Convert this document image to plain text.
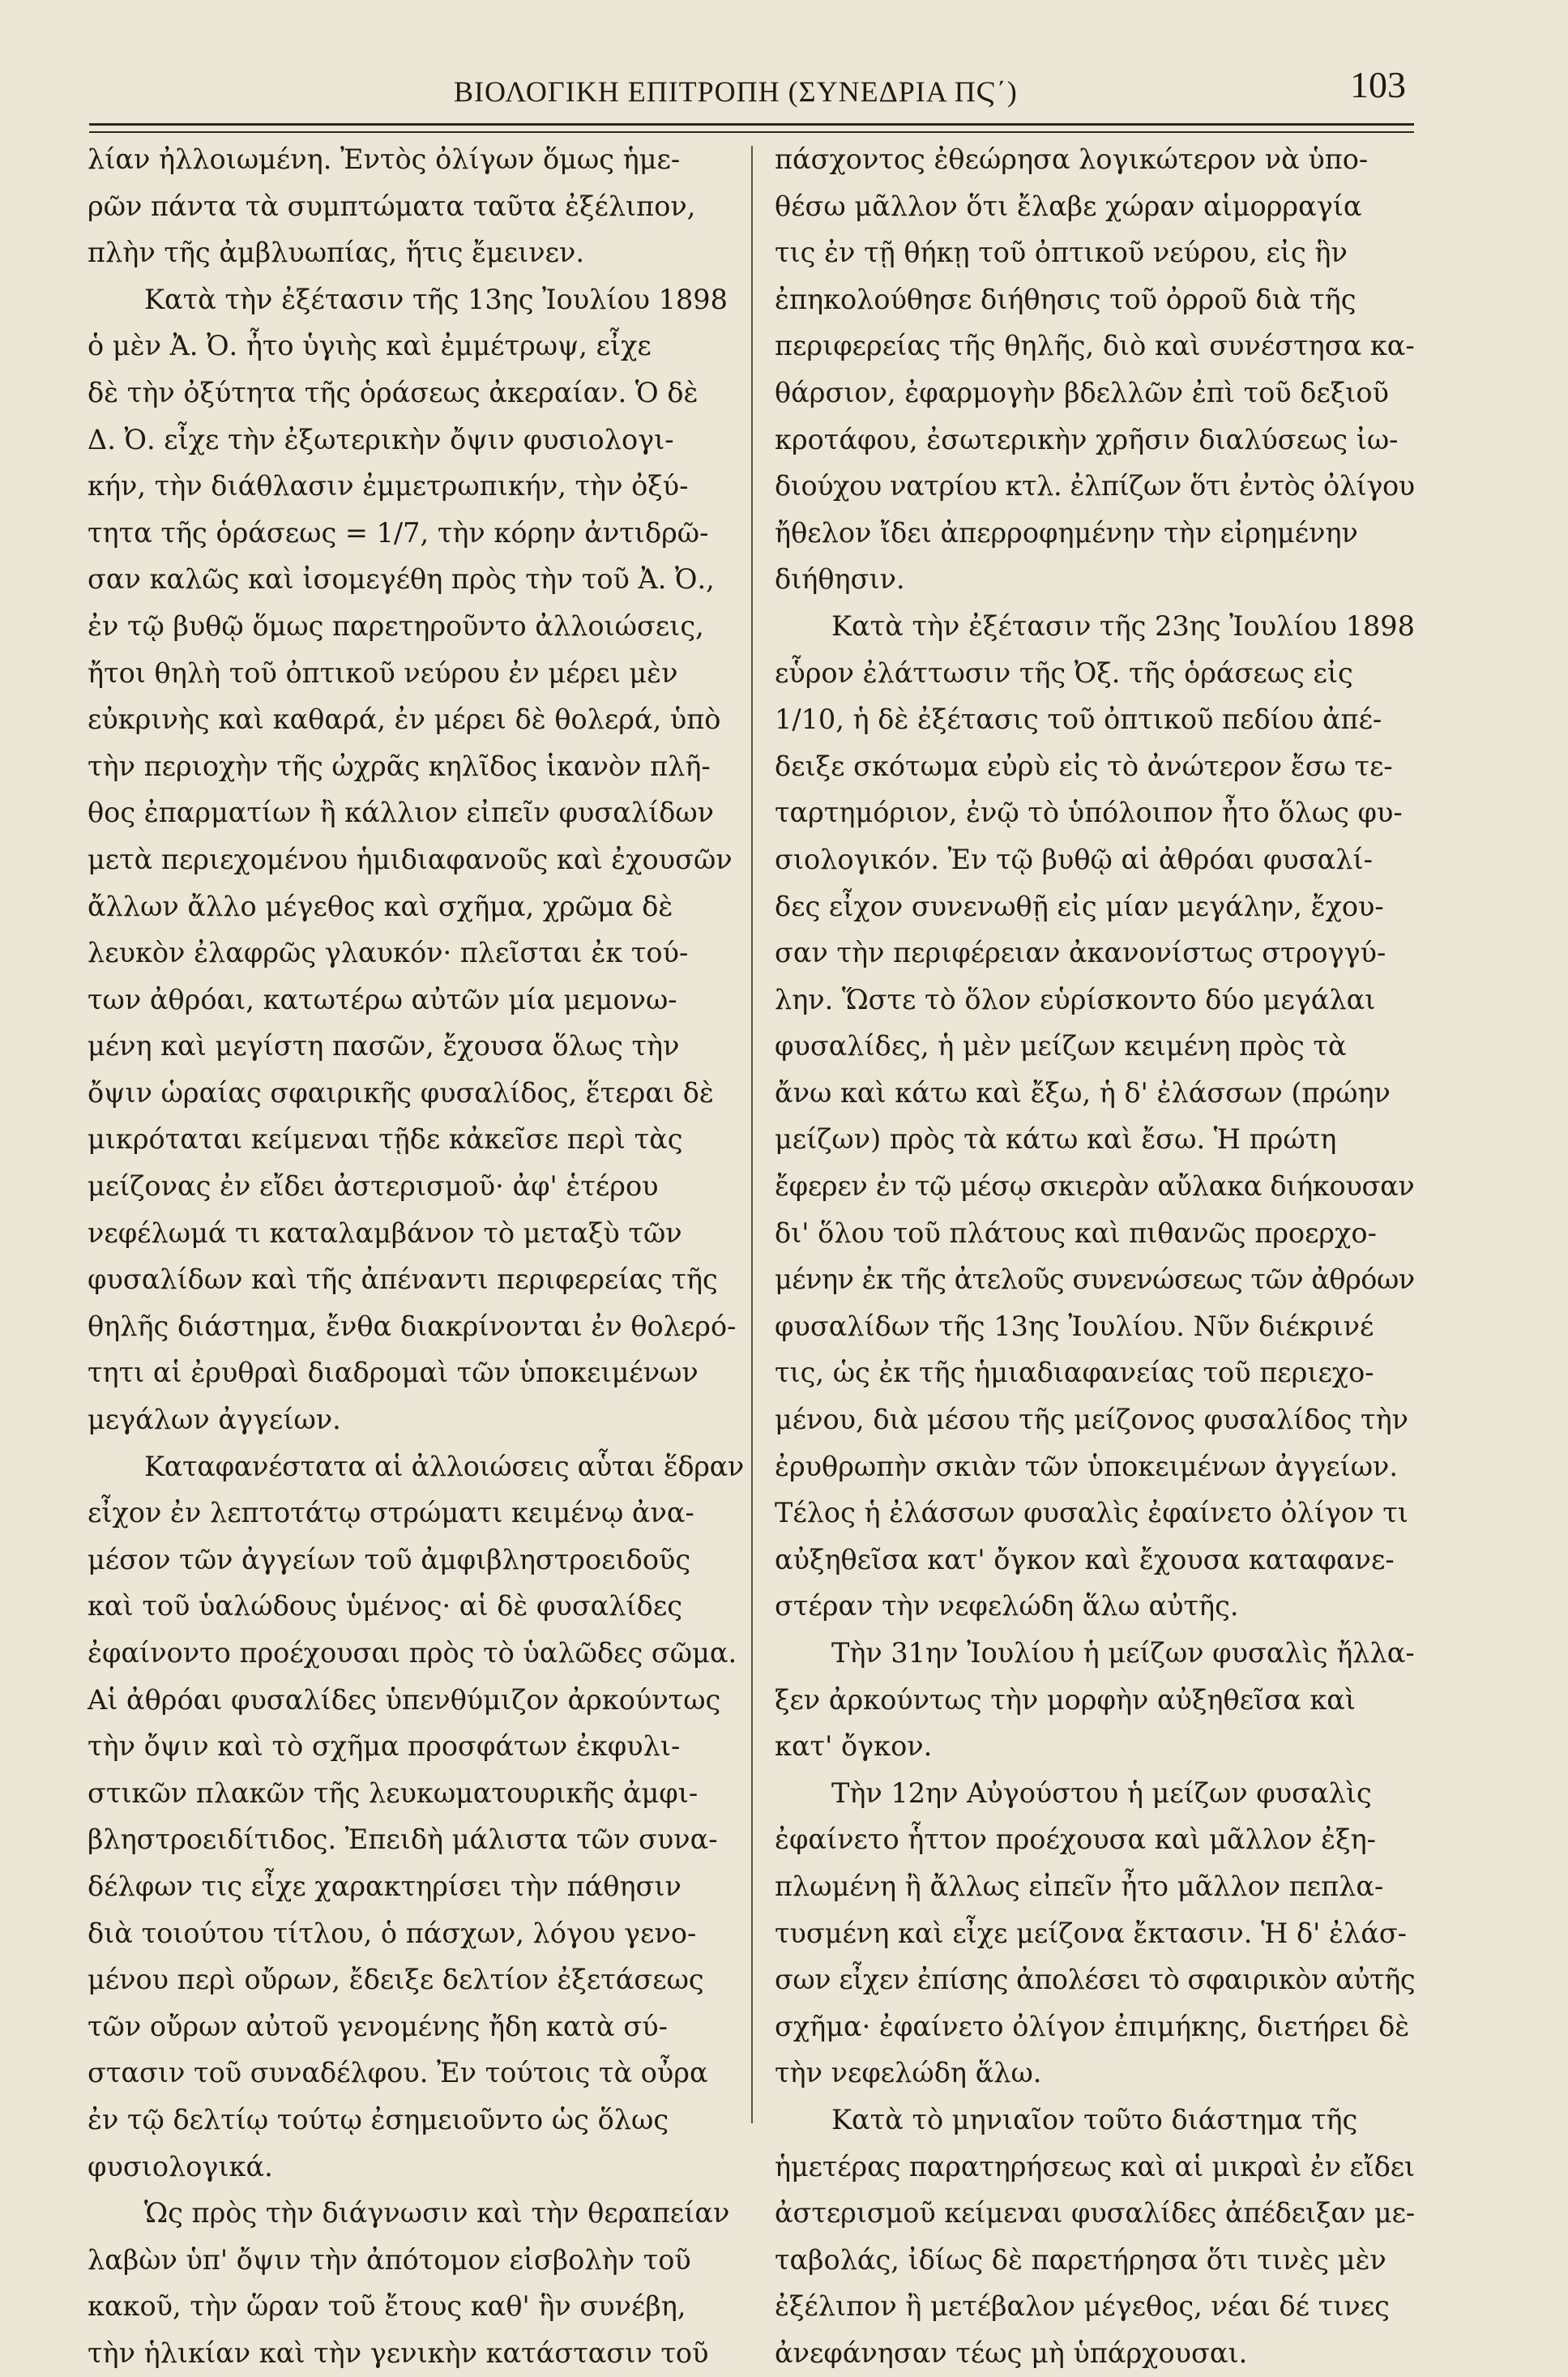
ΒΙΟΛΟΓΙΚΗ ΕΠΙΤΡΟΠΗ (ΣΥΝΕΔΡΙΑ ΠϚ΄)	103
λίαν ἠλλοιωμένη. Ἐντὸς ὀλίγων ὅμως ἡμε-
ρῶν πάντα τὰ συμπτώματα ταῦτα ἐξέλιπον,
πλὴν τῆς ἀμβλυωπίας, ἥτις ἔμεινεν.
Κατὰ τὴν ἐξέτασιν τῆς 13ης Ἰουλίου 1898
ὁ μὲν Ἀ. Ὀ. ἦτο ὑγιὴς καὶ ἐμμέτρωψ, εἶχε
δὲ τὴν ὀξύτητα τῆς ὁράσεως ἀκεραίαν. Ὁ δὲ
Δ. Ὀ. εἶχε τὴν ἐξωτερικὴν ὄψιν φυσιολογι-
κήν, τὴν διάθλασιν ἐμμετρωπικήν, τὴν ὀξύ-
τητα τῆς ὁράσεως = 1/7, τὴν κόρην ἀντιδρῶ-
σαν καλῶς καὶ ἰσομεγέθη πρὸς τὴν τοῦ Ἀ. Ὀ.,
ἐν τῷ βυθῷ ὅμως παρετηροῦντο ἀλλοιώσεις,
ἤτοι θηλὴ τοῦ ὀπτικοῦ νεύρου ἐν μέρει μὲν
εὐκρινὴς καὶ καθαρά, ἐν μέρει δὲ θολερά, ὑπὸ
τὴν περιοχὴν τῆς ὠχρᾶς κηλῖδος ἱκανὸν πλῆ-
θος ἐπαρματίων ἢ κάλλιον εἰπεῖν φυσαλίδων
μετὰ περιεχομένου ἡμιδιαφανοῦς καὶ ἐχουσῶν
ἄλλων ἄλλο μέγεθος καὶ σχῆμα, χρῶμα δὲ
λευκὸν ἐλαφρῶς γλαυκόν· πλεῖσται ἐκ τού-
των ἀθρόαι, κατωτέρω αὐτῶν μία μεμονω-
μένη καὶ μεγίστη πασῶν, ἔχουσα ὅλως τὴν
ὄψιν ὡραίας σφαιρικῆς φυσαλίδος, ἕτεραι δὲ
μικρόταται κείμεναι τῇδε κἀκεῖσε περὶ τὰς
μείζονας ἐν εἴδει ἀστερισμοῦ· ἀφ' ἑτέρου
νεφέλωμά τι καταλαμβάνον τὸ μεταξὺ τῶν
φυσαλίδων καὶ τῆς ἀπέναντι περιφερείας τῆς
θηλῆς διάστημα, ἔνθα διακρίνονται ἐν θολερό-
τητι αἱ ἐρυθραὶ διαδρομαὶ τῶν ὑποκειμένων
μεγάλων ἀγγείων.
Καταφανέστατα αἱ ἀλλοιώσεις αὗται ἕδραν
εἶχον ἐν λεπτοτάτῳ στρώματι κειμένῳ ἀνα-
μέσον τῶν ἀγγείων τοῦ ἀμφιβληστροειδοῦς
καὶ τοῦ ὑαλώδους ὑμένος· αἱ δὲ φυσαλίδες
ἐφαίνοντο προέχουσαι πρὸς τὸ ὑαλῶδες σῶμα.
Αἱ ἀθρόαι φυσαλίδες ὑπενθύμιζον ἀρκούντως
τὴν ὄψιν καὶ τὸ σχῆμα προσφάτων ἐκφυλι-
στικῶν πλακῶν τῆς λευκωματουρικῆς ἀμφι-
βληστροειδίτιδος. Ἐπειδὴ μάλιστα τῶν συνα-
δέλφων τις εἶχε χαρακτηρίσει τὴν πάθησιν
διὰ τοιούτου τίτλου, ὁ πάσχων, λόγου γενο-
μένου περὶ οὔρων, ἔδειξε δελτίον ἐξετάσεως
τῶν οὔρων αὐτοῦ γενομένης ἤδη κατὰ σύ-
στασιν τοῦ συναδέλφου. Ἐν τούτοις τὰ οὖρα
ἐν τῷ δελτίῳ τούτῳ ἐσημειοῦντο ὡς ὅλως
φυσιολογικά.
Ὡς πρὸς τὴν διάγνωσιν καὶ τὴν θεραπείαν
λαβὼν ὑπ' ὄψιν τὴν ἀπότομον εἰσβολὴν τοῦ
κακοῦ, τὴν ὥραν τοῦ ἔτους καθ' ἣν συνέβη,
τὴν ἡλικίαν καὶ τὴν γενικὴν κατάστασιν τοῦ
πάσχοντος ἐθεώρησα λογικώτερον νὰ ὑπο-
θέσω μᾶλλον ὅτι ἔλαβε χώραν αἱμορραγία
τις ἐν τῇ θήκῃ τοῦ ὀπτικοῦ νεύρου, εἰς ἣν
ἐπηκολούθησε διήθησις τοῦ ὀρροῦ διὰ τῆς
περιφερείας τῆς θηλῆς, διὸ καὶ συνέστησα κα-
θάρσιον, ἐφαρμογὴν βδελλῶν ἐπὶ τοῦ δεξιοῦ
κροτάφου, ἐσωτερικὴν χρῆσιν διαλύσεως ἰω-
διούχου νατρίου κτλ. ἐλπίζων ὅτι ἐντὸς ὀλίγου
ἤθελον ἴδει ἀπερροφημένην τὴν εἰρημένην
διήθησιν.
Κατὰ τὴν ἐξέτασιν τῆς 23ης Ἰουλίου 1898
εὗρον ἐλάττωσιν τῆς Ὀξ. τῆς ὁράσεως εἰς
1/10, ἡ δὲ ἐξέτασις τοῦ ὀπτικοῦ πεδίου ἀπέ-
δειξε σκότωμα εὐρὺ εἰς τὸ ἀνώτερον ἔσω τε-
ταρτημόριον, ἐνῷ τὸ ὑπόλοιπον ἦτο ὅλως φυ-
σιολογικόν. Ἐν τῷ βυθῷ αἱ ἀθρόαι φυσαλί-
δες εἶχον συνενωθῇ εἰς μίαν μεγάλην, ἔχου-
σαν τὴν περιφέρειαν ἀκανονίστως στρογγύ-
λην. Ὥστε τὸ ὅλον εὑρίσκοντο δύο μεγάλαι
φυσαλίδες, ἡ μὲν μείζων κειμένη πρὸς τὰ
ἄνω καὶ κάτω καὶ ἔξω, ἡ δ' ἐλάσσων (πρώην
μείζων) πρὸς τὰ κάτω καὶ ἔσω. Ἡ πρώτη
ἔφερεν ἐν τῷ μέσῳ σκιερὰν αὔλακα διήκουσαν
δι' ὅλου τοῦ πλάτους καὶ πιθανῶς προερχο-
μένην ἐκ τῆς ἀτελοῦς συνενώσεως τῶν ἀθρόων
φυσαλίδων τῆς 13ης Ἰουλίου. Νῦν διέκρινέ
τις, ὡς ἐκ τῆς ἡμιαδιαφανείας τοῦ περιεχο-
μένου, διὰ μέσου τῆς μείζονος φυσαλίδος τὴν
ἐρυθρωπὴν σκιὰν τῶν ὑποκειμένων ἀγγείων.
Τέλος ἡ ἐλάσσων φυσαλὶς ἐφαίνετο ὀλίγον τι
αὐξηθεῖσα κατ' ὄγκον καὶ ἔχουσα καταφανε-
στέραν τὴν νεφελώδη ἅλω αὐτῆς.
Τὴν 31ην Ἰουλίου ἡ μείζων φυσαλὶς ἤλλα-
ξεν ἀρκούντως τὴν μορφὴν αὐξηθεῖσα καὶ
κατ' ὄγκον.
Τὴν 12ην Αὐγούστου ἡ μείζων φυσαλὶς
ἐφαίνετο ἧττον προέχουσα καὶ μᾶλλον ἐξη-
πλωμένη ἢ ἄλλως εἰπεῖν ἦτο μᾶλλον πεπλα-
τυσμένη καὶ εἶχε μείζονα ἔκτασιν. Ἡ δ' ἐλάσ-
σων εἶχεν ἐπίσης ἀπολέσει τὸ σφαιρικὸν αὐτῆς
σχῆμα· ἐφαίνετο ὀλίγον ἐπιμήκης, διετήρει δὲ
τὴν νεφελώδη ἅλω.
Κατὰ τὸ μηνιαῖον τοῦτο διάστημα τῆς
ἡμετέρας παρατηρήσεως καὶ αἱ μικραὶ ἐν εἴδει
ἀστερισμοῦ κείμεναι φυσαλίδες ἀπέδειξαν με-
ταβολάς, ἰδίως δὲ παρετήρησα ὅτι τινὲς μὲν
ἐξέλιπον ἢ μετέβαλον μέγεθος, νέαι δέ τινες
ἀνεφάνησαν τέως μὴ ὑπάρχουσαι.
